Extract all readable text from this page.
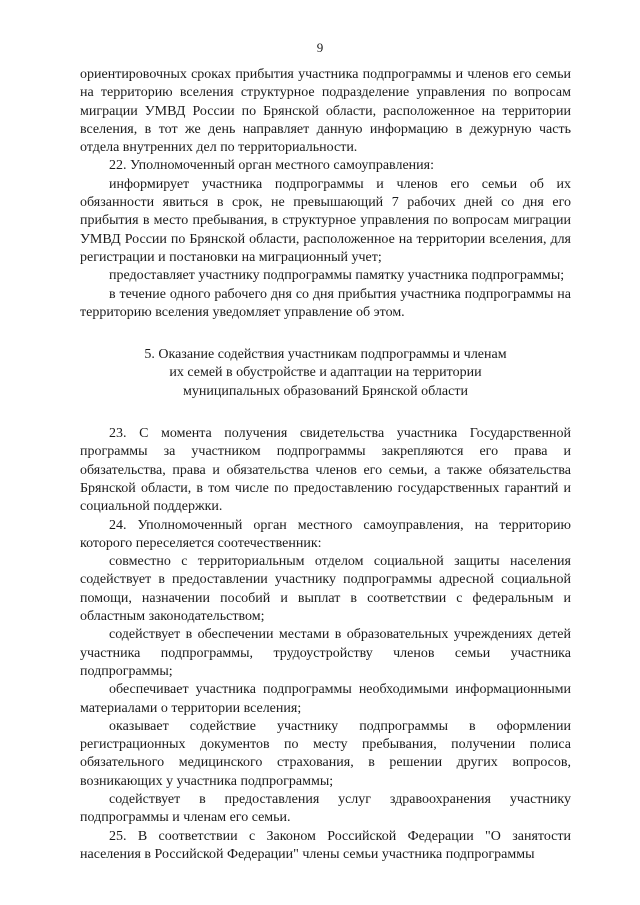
9

ориентировочных сроках прибытия участника подпрограммы и членов его семьи на территорию вселения структурное подразделение управления по вопросам миграции УМВД России по Брянской области, расположенное на территории вселения, в тот же день направляет данную информацию в дежурную часть отдела внутренних дел по территориальности.

22. Уполномоченный орган местного самоуправления:

информирует участника подпрограммы и членов его семьи об их обязанности явиться в срок, не превышающий 7 рабочих дней со дня его прибытия в место пребывания, в структурное управления по вопросам миграции УМВД России по Брянской области, расположенное на территории вселения, для регистрации и постановки на миграционный учет;

предоставляет участнику подпрограммы памятку участника подпрограммы;

в течение одного рабочего дня со дня прибытия участника подпрограммы на территорию вселения уведомляет управление об этом.

5. Оказание содействия участникам подпрограммы и членам
их семей в обустройстве и адаптации на территории
муниципальных образований Брянской области

23. С момента получения свидетельства участника Государственной программы за участником подпрограммы закрепляются его права и обязательства, права и обязательства членов его семьи, а также обязательства Брянской области, в том числе по предоставлению государственных гарантий и социальной поддержки.

24. Уполномоченный орган местного самоуправления, на территорию которого переселяется соотечественник:

совместно с территориальным отделом социальной защиты населения содействует в предоставлении участнику подпрограммы адресной социальной помощи, назначении пособий и выплат в соответствии с федеральным и областным законодательством;

содействует в обеспечении местами в образовательных учреждениях детей участника подпрограммы, трудоустройству членов семьи участника подпрограммы;

обеспечивает участника подпрограммы необходимыми информационными материалами о территории вселения;

оказывает содействие участнику подпрограммы в оформлении регистрационных документов по месту пребывания, получении полиса обязательного медицинского страхования, в решении других вопросов, возникающих у участника подпрограммы;

содействует в предоставления услуг здравоохранения участнику подпрограммы и членам его семьи.

25. В соответствии с Законом Российской Федерации "О занятости населения в Российской Федерации" члены семьи участника подпрограммы
